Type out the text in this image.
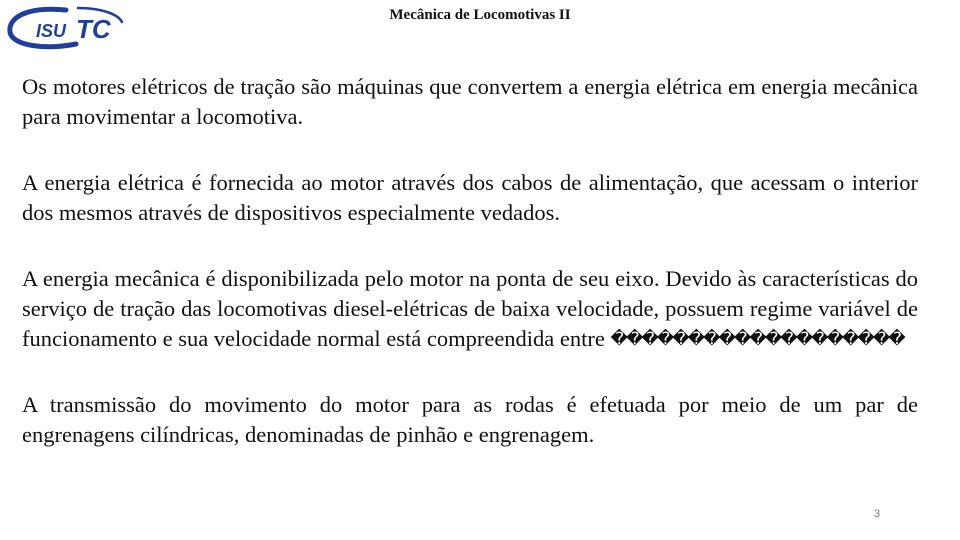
ISU TC	Mecânica de Locomotivas II

Os motores elétricos de tração são máquinas que convertem a energia elétrica em energia mecânica para movimentar a locomotiva.

A energia elétrica é fornecida ao motor através dos cabos de alimentação, que acessam o interior dos mesmos através de dispositivos especialmente vedados.

A energia mecânica é disponibilizada pelo motor na ponta de seu eixo. Devido às características do serviço de tração das locomotivas diesel-elétricas de baixa velocidade, possuem regime variável de funcionamento e sua velocidade normal está compreendida entre �������������������

A transmissão do movimento do motor para as rodas é efetuada por meio de um par de engrenagens cilíndricas, denominadas de pinhão e engrenagem.

3
